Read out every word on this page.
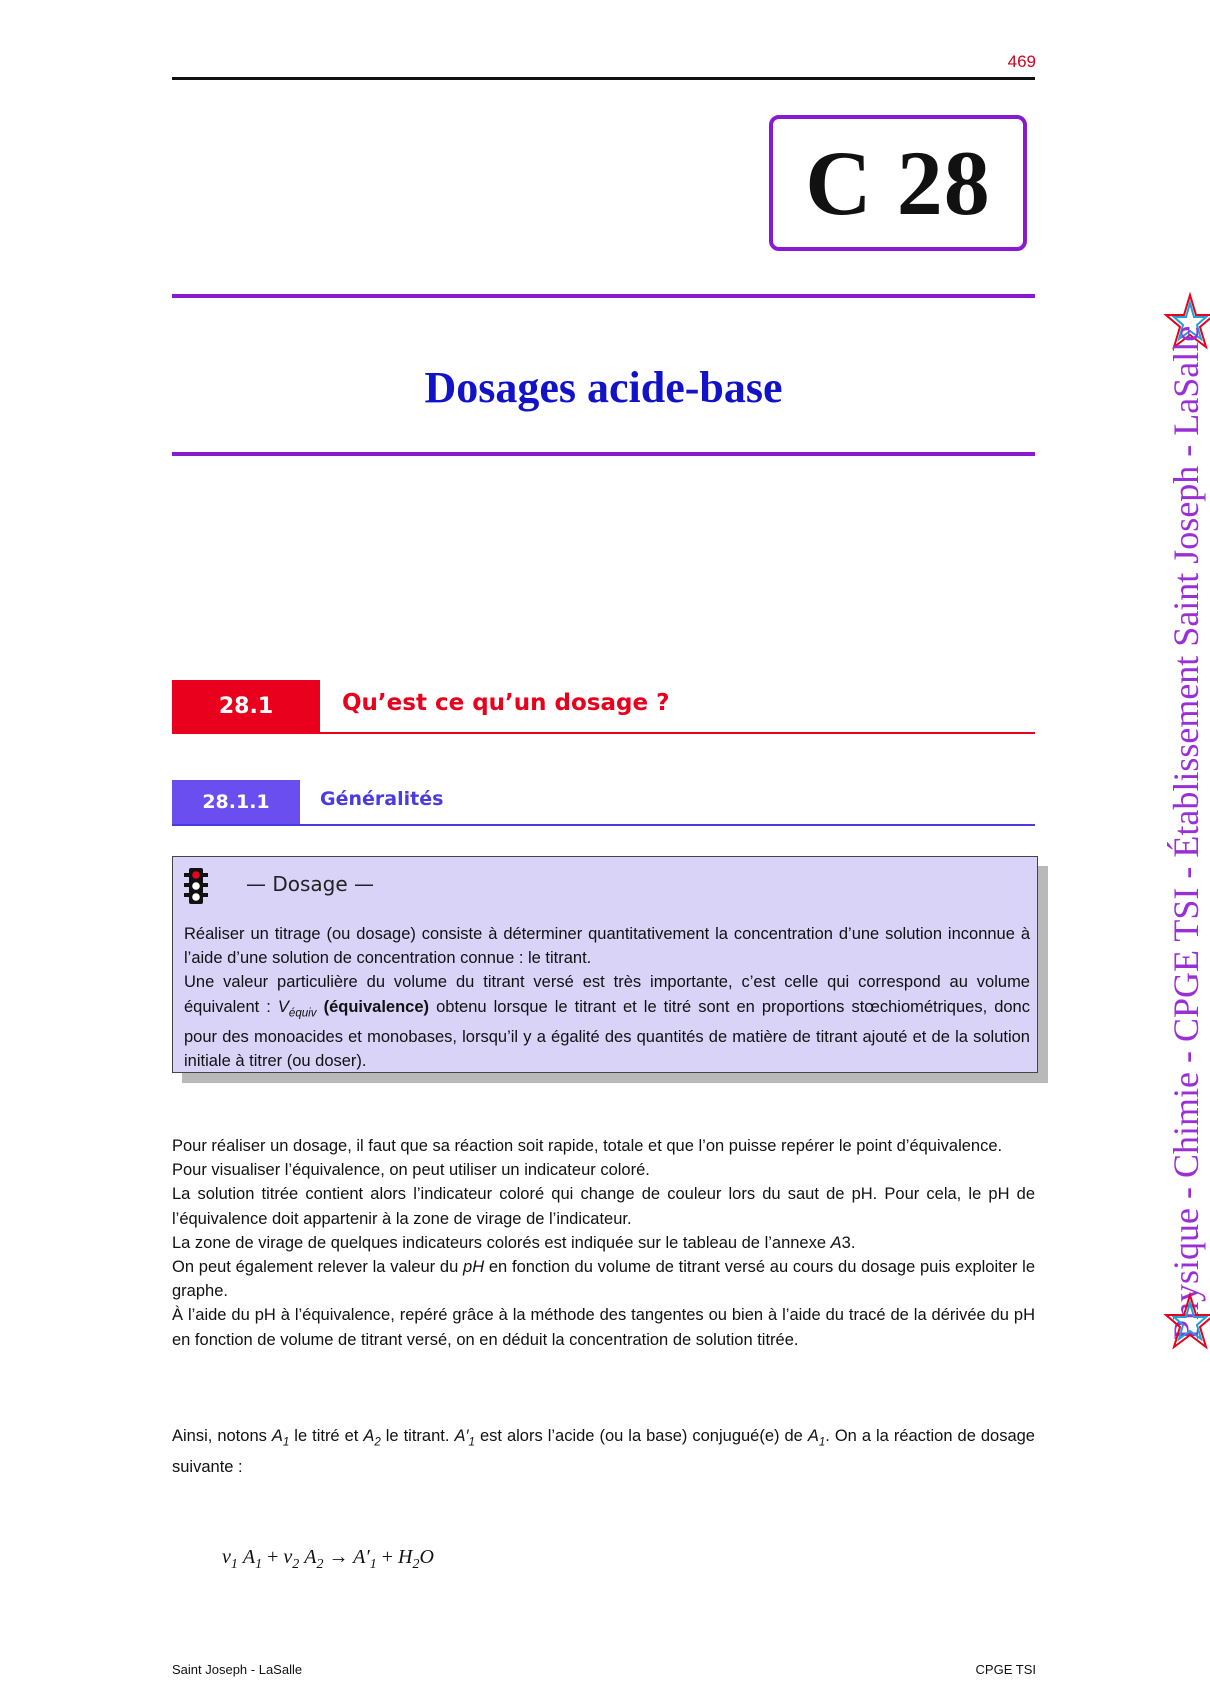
469
C 28
Dosages acide-base
28.1	Qu’est ce qu’un dosage ?
28.1.1	Généralités
— Dosage —

Réaliser un titrage (ou dosage) consiste à déterminer quantitativement la concentration d’une solution inconnue à l’aide d’une solution de concentration connue : le titrant.

Une valeur particulière du volume du titrant versé est très importante, c’est celle qui correspond au volume équivalent : $V_{équiv}$ (équivalence) obtenu lorsque le titrant et le titré sont en proportions stœchiométriques, donc pour des monoacides et monobases, lorsqu’il y a égalité des quantités de matière de titrant ajouté et de la solution initiale à titrer (ou doser).

Pour réaliser un dosage, il faut que sa réaction soit rapide, totale et que l’on puisse repérer le point d’équivalence.

Pour visualiser l’équivalence, on peut utiliser un indicateur coloré.

La solution titrée contient alors l’indicateur coloré qui change de couleur lors du saut de pH. Pour cela, le pH de l’équivalence doit appartenir à la zone de virage de l’indicateur.

La zone de virage de quelques indicateurs colorés est indiquée sur le tableau de l’annexe A3.

On peut également relever la valeur du pH en fonction du volume de titrant versé au cours du dosage puis exploiter le graphe.

À l’aide du pH à l’équivalence, repéré grâce à la méthode des tangentes ou bien à l’aide du tracé de la dérivée du pH en fonction de volume de titrant versé, on en déduit la concentration de solution titrée.

Ainsi, notons $A_1$ le titré et $A_2$ le titrant. $A'_1$ est alors l’acide (ou la base) conjugué(e) de $A_1$. On a la réaction de dosage suivante :

$\nu_1$ $A_1 + \nu_2$ $A_2 \to A'_1 + H_2O$
Saint Joseph - LaSalle	CPGE TSI
Physique - Chimie - CPGE TSI - Établissement Saint Joseph - LaSalle
